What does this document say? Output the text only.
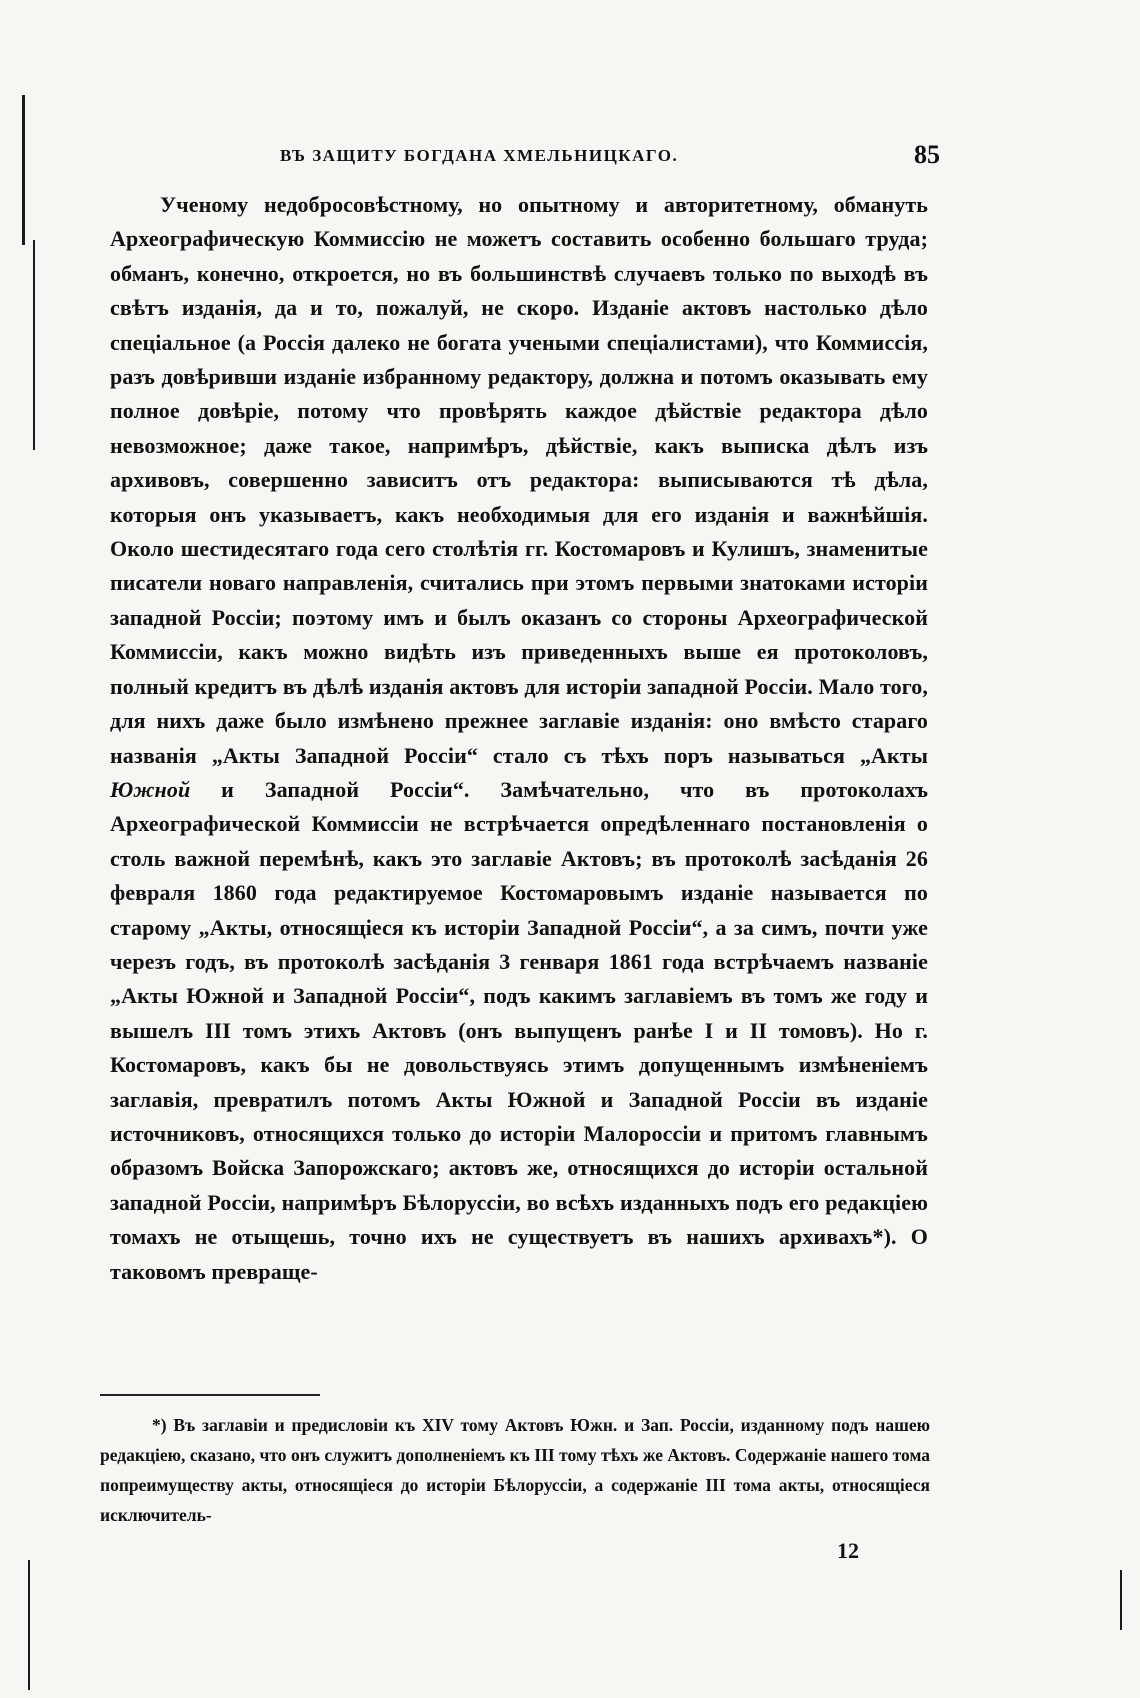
ВЪ ЗАЩИТУ БОГДАНА ХМЕЛЬНИЦКАГО.	85

Ученому недобросовѣстному, но опытному и авторитетному, обмануть Археографическую Коммиссію не можетъ составить особенно большаго труда; обманъ, конечно, откроется, но въ большинствѣ случаевъ только по выходѣ въ свѣтъ изданія, да и то, пожалуй, не скоро. Изданіе актовъ настолько дѣло спеціальное (а Россія далеко не богата учеными спеціалистами), что Коммиссія, разъ довѣривши изданіе избранному редактору, должна и потомъ оказывать ему полное довѣріе, потому что провѣрять каждое дѣйствіе редактора дѣло невозможное; даже такое, напримѣръ, дѣйствіе, какъ выписка дѣлъ изъ архивовъ, совершенно зависитъ отъ редактора: выписываются тѣ дѣла, которыя онъ указываетъ, какъ необходимыя для его изданія и важнѣйшія. Около шестидесятаго года сего столѣтія гг. Костомаровъ и Кулишъ, знаменитые писатели новаго направленія, считались при этомъ первыми знатоками исторіи западной Россіи; поэтому имъ и былъ оказанъ со стороны Археографической Коммиссіи, какъ можно видѣть изъ приведенныхъ выше ея протоколовъ, полный кредитъ въ дѣлѣ изданія актовъ для исторіи западной Россіи. Мало того, для нихъ даже было измѣнено прежнее заглавіе изданія: оно вмѣсто стараго названія „Акты Западной Россіи“ стало съ тѣхъ поръ называться „Акты Южной и Западной Россіи“. Замѣчательно, что въ протоколахъ Археографической Коммиссіи не встрѣчается опредѣленнаго постановленія о столь важной перемѣнѣ, какъ это заглавіе Актовъ; въ протоколѣ засѣданія 26 февраля 1860 года редактируемое Костомаровымъ изданіе называется по старому „Акты, относящіеся къ исторіи Западной Россіи“, а за симъ, почти уже черезъ годъ, въ протоколѣ засѣданія 3 генваря 1861 года встрѣчаемъ названіе „Акты Южной и Западной Россіи“, подъ какимъ заглавіемъ въ томъ же году и вышелъ III томъ этихъ Актовъ (онъ выпущенъ ранѣе I и II томовъ). Но г. Костомаровъ, какъ бы не довольствуясь этимъ допущеннымъ измѣненіемъ заглавія, превратилъ потомъ Акты Южной и Западной Россіи въ изданіе источниковъ, относящихся только до исторіи Малороссіи и притомъ главнымъ образомъ Войска Запорожскаго; актовъ же, относящихся до исторіи остальной западной Россіи, напримѣръ Бѣлоруссіи, во всѣхъ изданныхъ подъ его редакціею томахъ не отыщешь, точно ихъ не существуетъ въ нашихъ архивахъ*). О таковомъ превраще-

*) Въ заглавіи и предисловіи къ XIV тому Актовъ Южн. и Зап. Россіи, изданному подъ нашею редакціею, сказано, что онъ служитъ дополненіемъ къ III тому тѣхъ же Актовъ. Содержаніе нашего тома попреимуществу акты, относящіеся до исторіи Бѣлоруссіи, а содержаніе III тома акты, относящіеся исключитель-

12
